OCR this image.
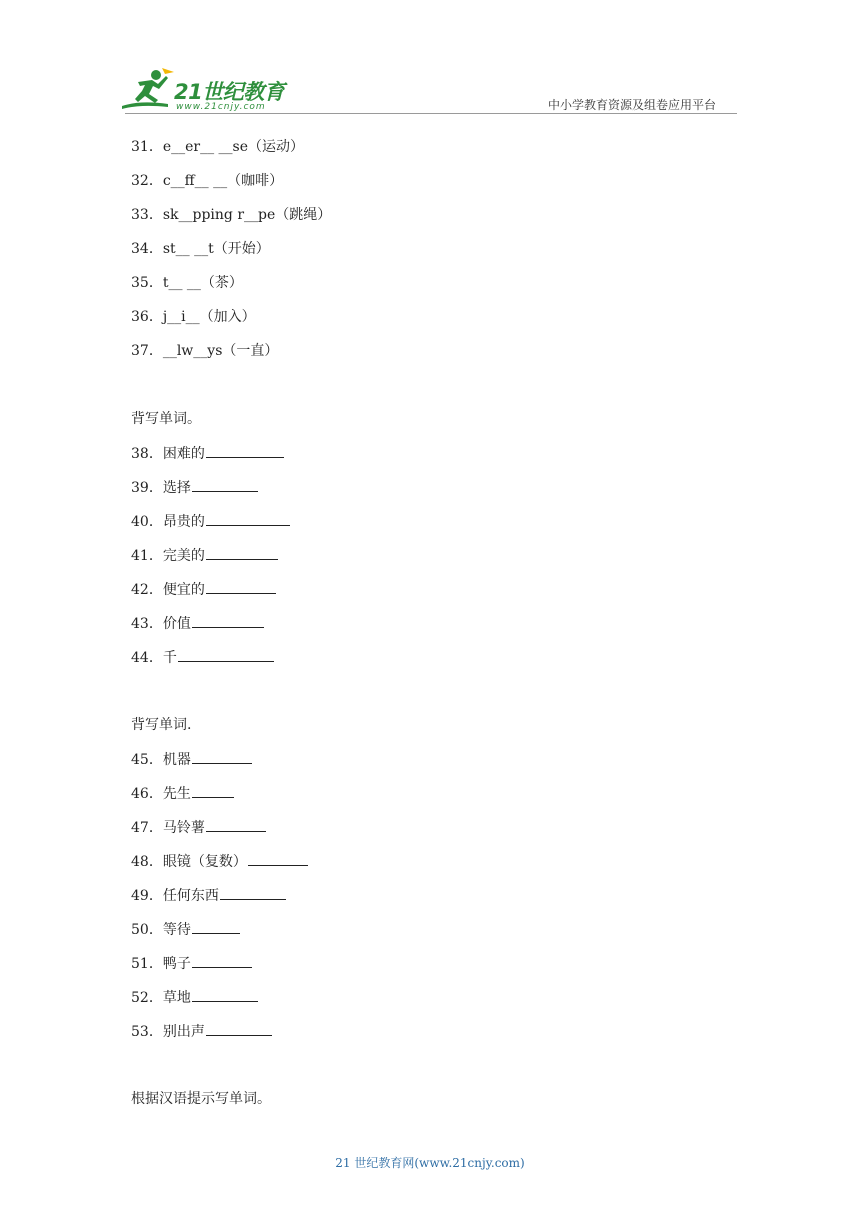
21世纪教育
www.21cnjy.com	中小学教育资源及组卷应用平台
31．e__er__ __se（运动）
32．c__ff__ __（咖啡）
33．sk__pping r__pe（跳绳）
34．st__ __t（开始）
35．t__ __（茶）
36．j__i__（加入）
37．__lw__ys（一直）
背写单词。
38．困难的
39．选择
40．昂贵的
41．完美的
42．便宜的
43．价值
44．千
背写单词.
45．机器
46．先生
47．马铃薯
48．眼镜（复数）
49．任何东西
50．等待
51．鸭子
52．草地
53．别出声
根据汉语提示写单词。
21 世纪教育网(www.21cnjy.com)
